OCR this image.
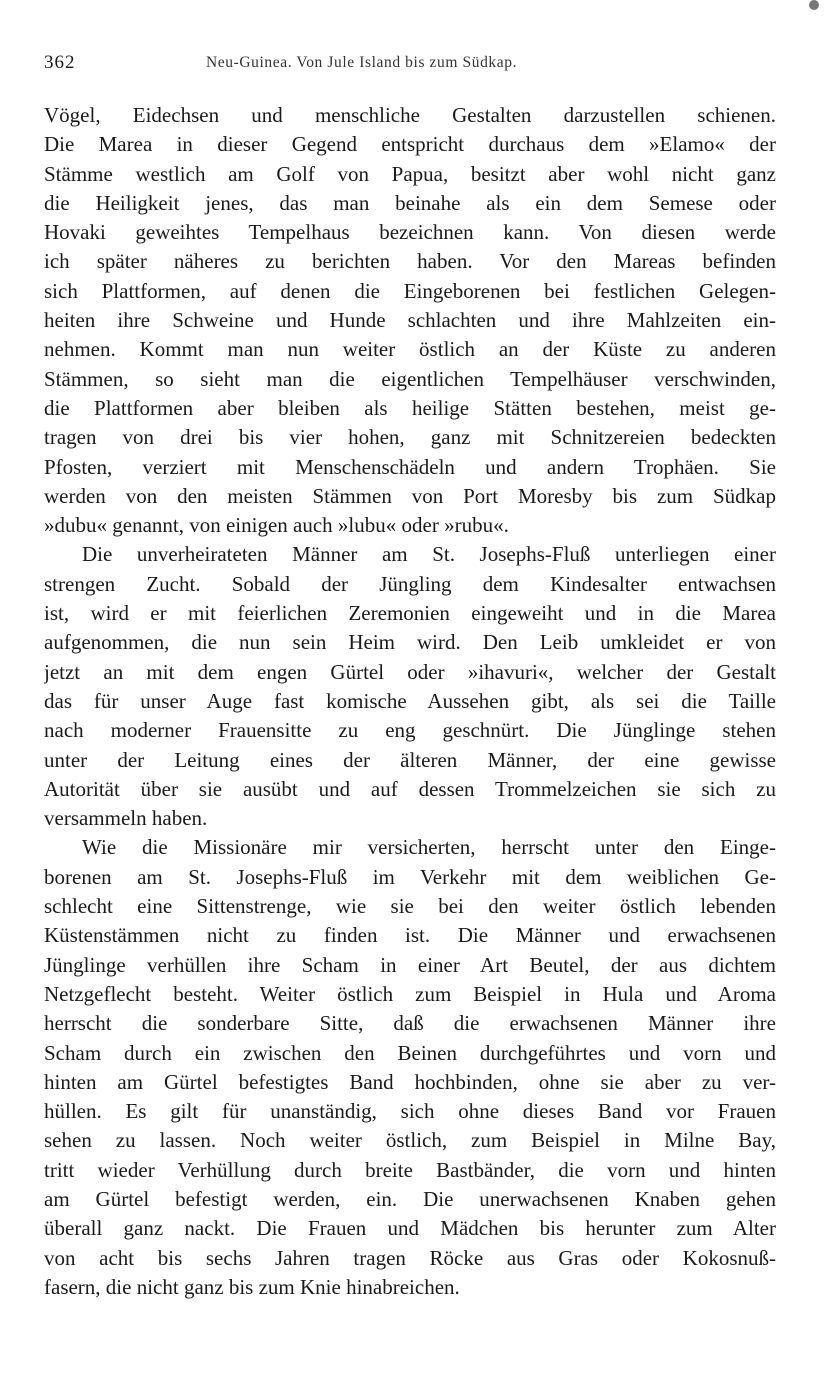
362	Neu-Guinea. Von Jule Island bis zum Südkap.
Vögel, Eidechsen und menschliche Gestalten darzustellen schienen.
Die Marea in dieser Gegend entspricht durchaus dem »Elamo« der
Stämme westlich am Golf von Papua, besitzt aber wohl nicht ganz
die Heiligkeit jenes, das man beinahe als ein dem Semese oder
Hovaki geweihtes Tempelhaus bezeichnen kann. Von diesen werde
ich später näheres zu berichten haben. Vor den Mareas befinden
sich Plattformen, auf denen die Eingeborenen bei festlichen Gelegen-
heiten ihre Schweine und Hunde schlachten und ihre Mahlzeiten ein-
nehmen. Kommt man nun weiter östlich an der Küste zu anderen
Stämmen, so sieht man die eigentlichen Tempelhäuser verschwinden,
die Plattformen aber bleiben als heilige Stätten bestehen, meist ge-
tragen von drei bis vier hohen, ganz mit Schnitzereien bedeckten
Pfosten, verziert mit Menschenschädeln und andern Trophäen. Sie
werden von den meisten Stämmen von Port Moresby bis zum Südkap
»dubu« genannt, von einigen auch »lubu« oder »rubu«.
Die unverheirateten Männer am St. Josephs-Fluß unterliegen einer
strengen Zucht. Sobald der Jüngling dem Kindesalter entwachsen
ist, wird er mit feierlichen Zeremonien eingeweiht und in die Marea
aufgenommen, die nun sein Heim wird. Den Leib umkleidet er von
jetzt an mit dem engen Gürtel oder »ihavuri«, welcher der Gestalt
das für unser Auge fast komische Aussehen gibt, als sei die Taille
nach moderner Frauensitte zu eng geschnürt. Die Jünglinge stehen
unter der Leitung eines der älteren Männer, der eine gewisse
Autorität über sie ausübt und auf dessen Trommelzeichen sie sich zu
versammeln haben.
Wie die Missionäre mir versicherten, herrscht unter den Einge-
borenen am St. Josephs-Fluß im Verkehr mit dem weiblichen Ge-
schlecht eine Sittenstrenge, wie sie bei den weiter östlich lebenden
Küstenstämmen nicht zu finden ist. Die Männer und erwachsenen
Jünglinge verhüllen ihre Scham in einer Art Beutel, der aus dichtem
Netzgeflecht besteht. Weiter östlich zum Beispiel in Hula und Aroma
herrscht die sonderbare Sitte, daß die erwachsenen Männer ihre
Scham durch ein zwischen den Beinen durchgeführtes und vorn und
hinten am Gürtel befestigtes Band hochbinden, ohne sie aber zu ver-
hüllen. Es gilt für unanständig, sich ohne dieses Band vor Frauen
sehen zu lassen. Noch weiter östlich, zum Beispiel in Milne Bay,
tritt wieder Verhüllung durch breite Bastbänder, die vorn und hinten
am Gürtel befestigt werden, ein. Die unerwachsenen Knaben gehen
überall ganz nackt. Die Frauen und Mädchen bis herunter zum Alter
von acht bis sechs Jahren tragen Röcke aus Gras oder Kokosnuß-
fasern, die nicht ganz bis zum Knie hinabreichen.
